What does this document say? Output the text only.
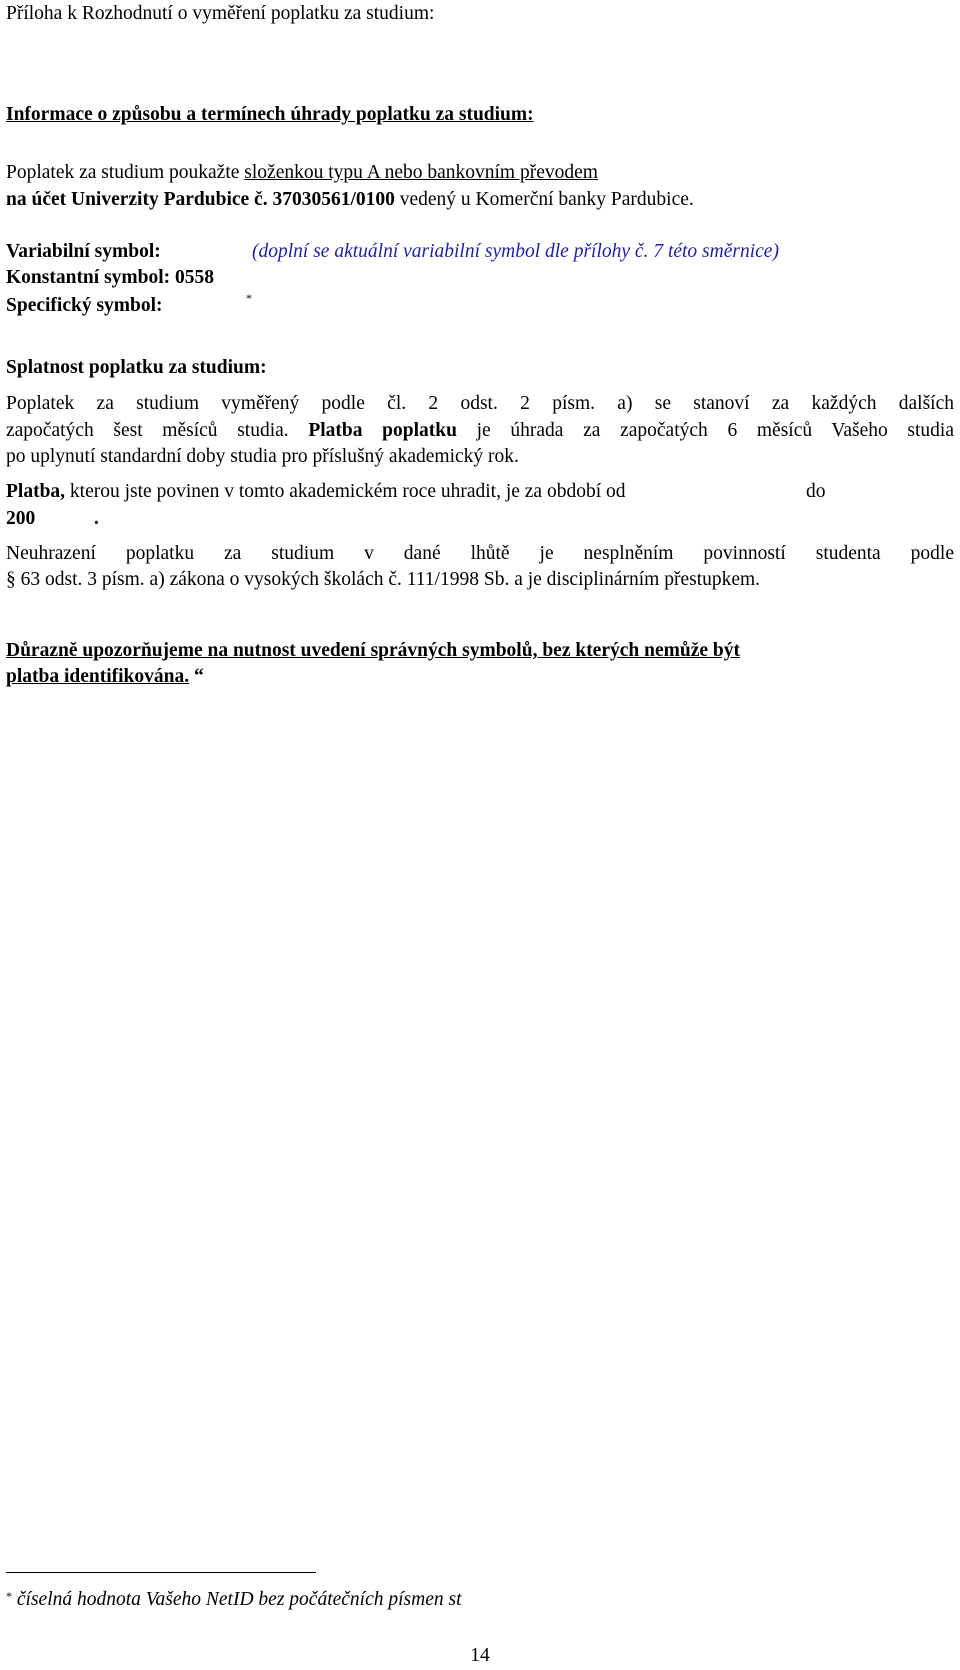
Příloha k Rozhodnutí o vyměření poplatku za studium:
Informace o způsobu a termínech úhrady poplatku za studium:
Poplatek za studium poukažte složenkou typu A nebo bankovním převodem
na účet Univerzity Pardubice č. 37030561/0100 vedený u Komerční banky Pardubice.
Variabilní symbol:	(doplní se aktuální variabilní symbol dle přílohy č. 7 této směrnice)
Konstantní symbol: 0558
Specifický symbol:	*
Splatnost poplatku za studium:
Poplatek za studium vyměřený podle čl. 2 odst. 2 písm. a) se stanoví za každých dalších
započatých šest měsíců studia. Platba poplatku je úhrada za započatých 6 měsíců Vašeho studia
po uplynutí standardní doby studia pro příslušný akademický rok.
Platba, kterou jste povinen v tomto akademickém roce uhradit, je za období od	do
200	.
Neuhrazení poplatku za studium v dané lhůtě je nesplněním povinností studenta podle
§ 63 odst. 3 písm. a) zákona o vysokých školách č. 111/1998 Sb. a je disciplinárním přestupkem.
Důrazně upozorňujeme na nutnost uvedení správných symbolů, bez kterých nemůže být
platba identifikována. “
* číselná hodnota Vašeho NetID bez počátečních písmen st
14
